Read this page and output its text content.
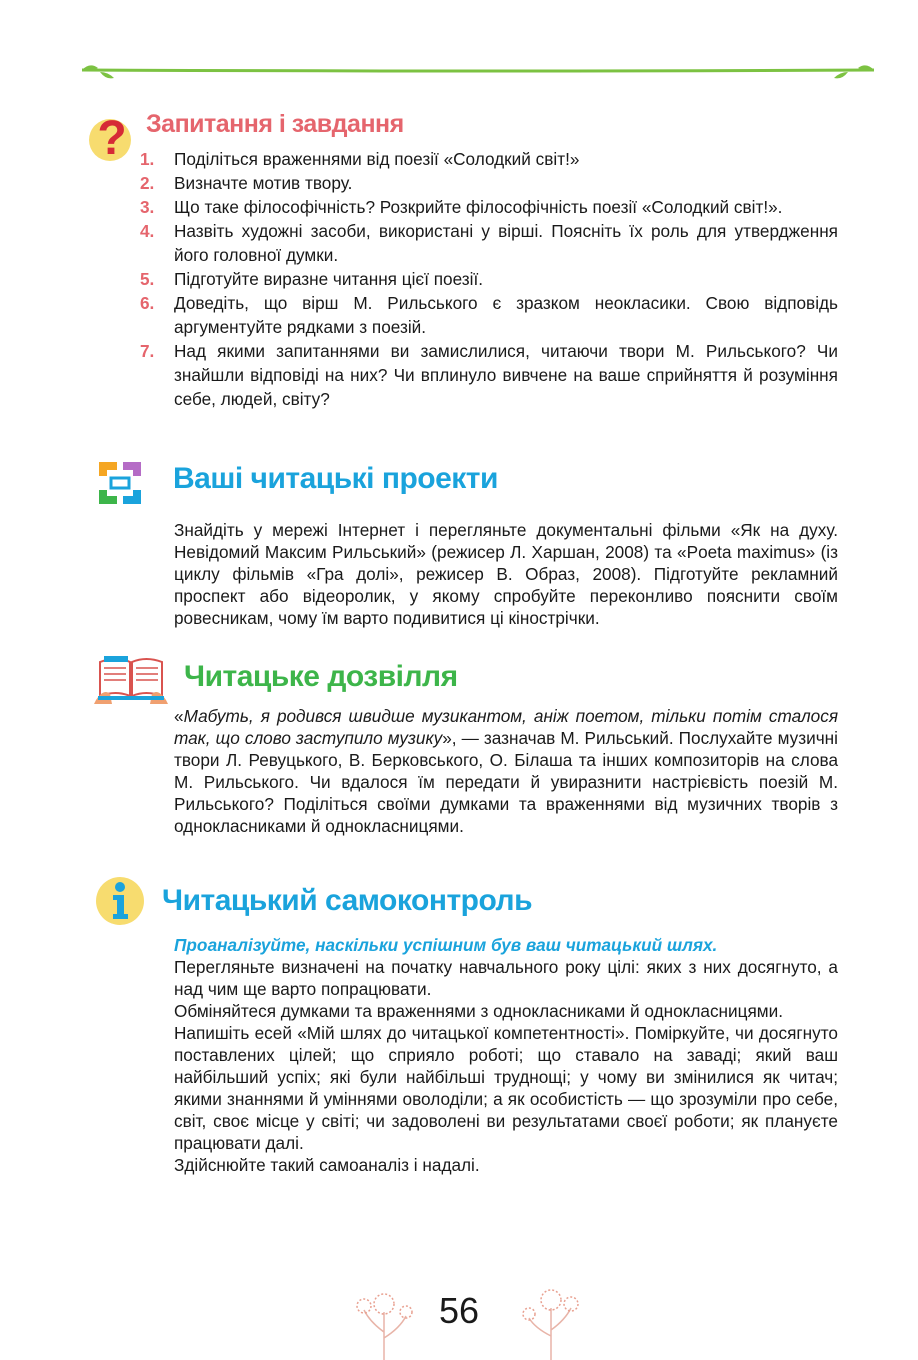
? Запитання і завдання
1.	Поділіться враженнями від поезії «Солодкий світ!»
2.	Визначте мотив твору.
3.	Що таке філософічність? Розкрийте філософічність поезії «Солодкий світ!».
4.	Назвіть художні засоби, використані у вірші. Поясніть їх роль для утвердження його головної думки.
5.	Підготуйте виразне читання цієї поезії.
6.	Доведіть, що вірш М. Рильського є зразком неокласики. Свою відповідь аргументуйте рядками з поезій.
7.	Над якими запитаннями ви замислилися, читаючи твори М. Рильського? Чи знайшли відповіді на них? Чи вплинуло вивчене на ваше сприйняття й розуміння себе, людей, світу?
Ваші читацькі проекти
Знайдіть у мережі Інтернет і перегляньте документальні фільми «Як на духу. Невідомий Максим Рильський» (режисер Л. Харшан, 2008) та «Poeta maximus» (із циклу фільмів «Гра долі», режисер В. Образ, 2008). Підготуйте рекламний проспект або відеоролик, у якому спробуйте переконливо пояснити своїм ровесникам, чому їм варто подивитися ці кінострічки.
Читацьке дозвілля
«Мабуть, я родився швидше музикантом, аніж поетом, тільки потім сталося так, що слово заступило музику», — зазначав М. Рильський. Послухайте музичні твори Л. Ревуцького, В. Берковського, О. Білаша та інших композиторів на слова М. Рильського. Чи вдалося їм передати й увиразнити настрієвість поезій М. Рильського? Поділіться своїми думками та враженнями від музичних творів з однокласниками й однокласницями.
Читацький самоконтроль
Проаналізуйте, наскільки успішним був ваш читацький шлях.
Перегляньте визначені на початку навчального року цілі: яких з них досягнуто, а над чим ще варто попрацювати.
Обміняйтеся думками та враженнями з однокласниками й однокласницями.
Напишіть есей «Мій шлях до читацької компетентності». Поміркуйте, чи досягнуто поставлених цілей; що сприяло роботі; що ставало на заваді; який ваш найбільший успіх; які були найбільші труднощі; у чому ви змінилися як читач; якими знаннями й уміннями оволоділи; а як особистість — що зрозуміли про себе, світ, своє місце у світі; чи задоволені ви результатами своєї роботи; як плануєте працювати далі.
Здійснюйте такий самоаналіз і надалі.
56
